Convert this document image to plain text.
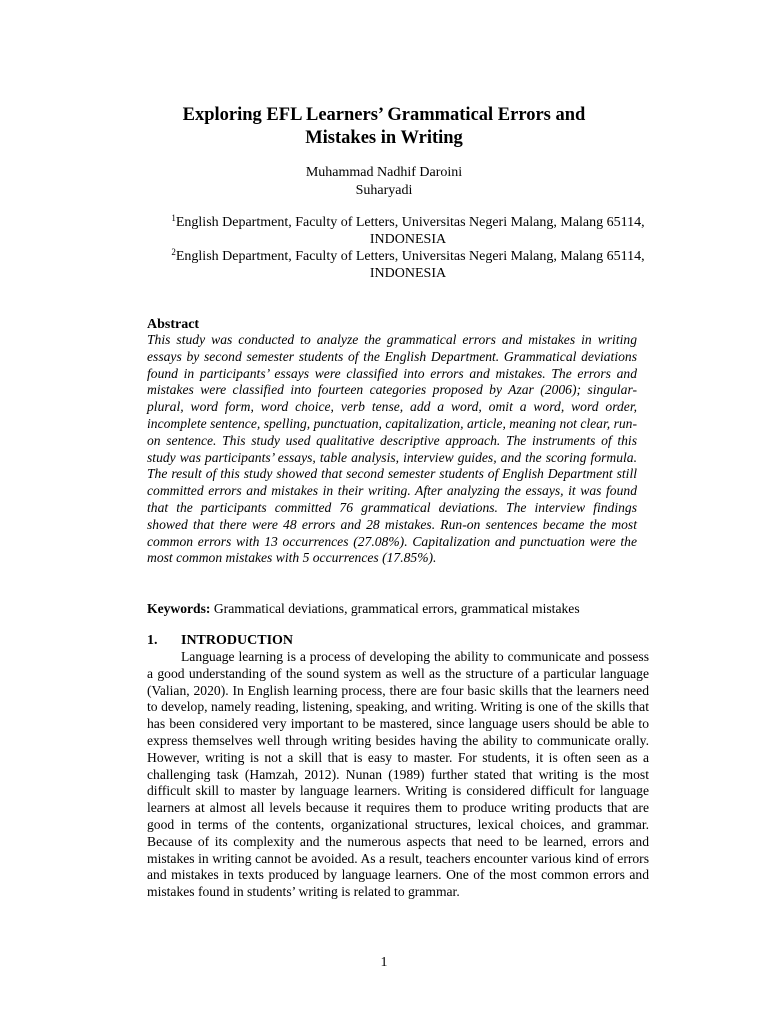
Exploring EFL Learners’ Grammatical Errors and Mistakes in Writing
Muhammad Nadhif Daroini
Suharyadi

$^1$English Department, Faculty of Letters, Universitas Negeri Malang, Malang 65114, INDONESIA

$^2$English Department, Faculty of Letters, Universitas Negeri Malang, Malang 65114, INDONESIA

Abstract

This study was conducted to analyze the grammatical errors and mistakes in writing essays by second semester students of the English Department. Grammatical deviations found in participants’ essays were classified into errors and mistakes. The errors and mistakes were classified into fourteen categories proposed by Azar (2006); singular-plural, word form, word choice, verb tense, add a word, omit a word, word order, incomplete sentence, spelling, punctuation, capitalization, article, meaning not clear, run-on sentence. This study used qualitative descriptive approach. The instruments of this study was participants’ essays, table analysis, interview guides, and the scoring formula. The result of this study showed that second semester students of English Department still committed errors and mistakes in their writing. After analyzing the essays, it was found that the participants committed 76 grammatical deviations. The interview findings showed that there were 48 errors and 28 mistakes. Run-on sentences became the most common errors with 13 occurrences (27.08%). Capitalization and punctuation were the most common mistakes with 5 occurrences (17.85%).

Keywords: Grammatical deviations, grammatical errors, grammatical mistakes
1. INTRODUCTION

Language learning is a process of developing the ability to communicate and possess a good understanding of the sound system as well as the structure of a particular language (Valian, 2020). In English learning process, there are four basic skills that the learners need to develop, namely reading, listening, speaking, and writing. Writing is one of the skills that has been considered very important to be mastered, since language users should be able to express themselves well through writing besides having the ability to communicate orally. However, writing is not a skill that is easy to master. For students, it is often seen as a challenging task (Hamzah, 2012). Nunan (1989) further stated that writing is the most difficult skill to master by language learners. Writing is considered difficult for language learners at almost all levels because it requires them to produce writing products that are good in terms of the contents, organizational structures, lexical choices, and grammar. Because of its complexity and the numerous aspects that need to be learned, errors and mistakes in writing cannot be avoided. As a result, teachers encounter various kind of errors and mistakes in texts produced by language learners. One of the most common errors and mistakes found in students’ writing is related to grammar.

1
